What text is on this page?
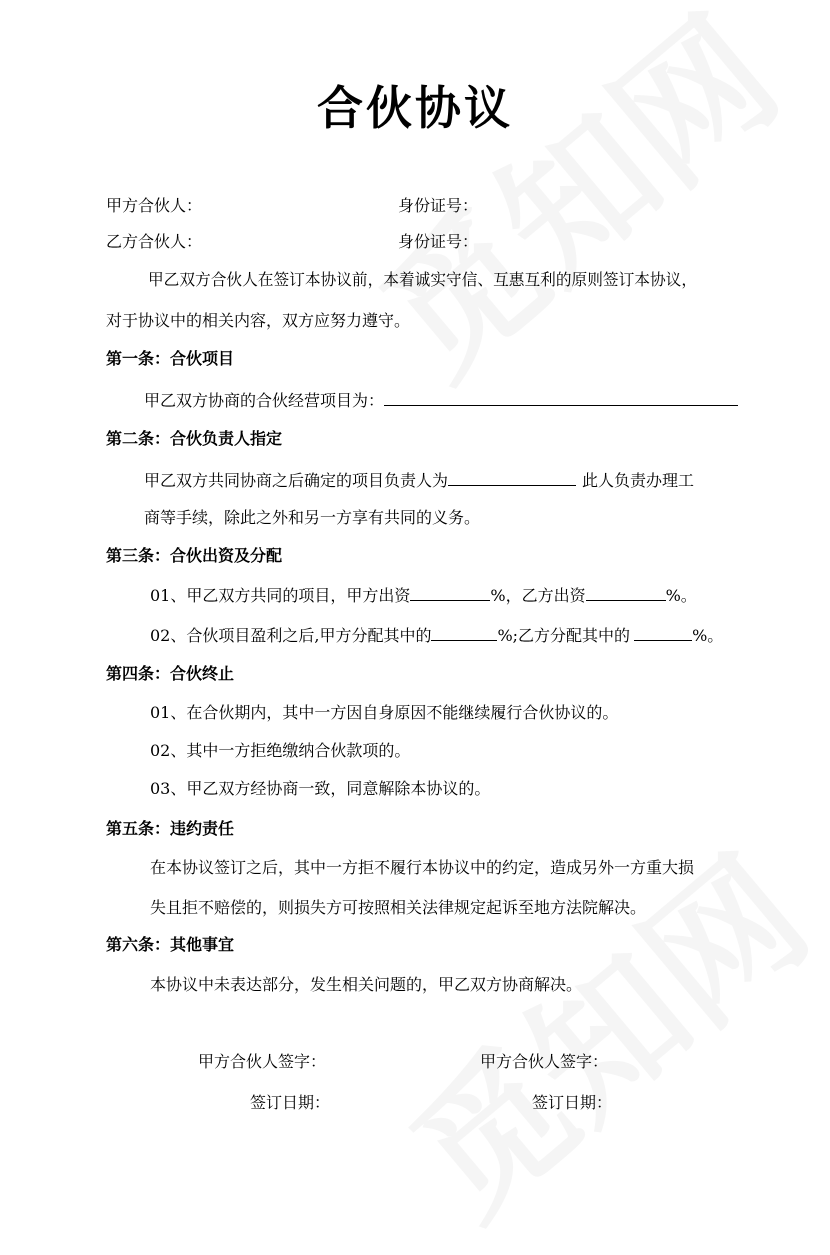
合伙协议
甲方合伙人：	身份证号：
乙方合伙人：	身份证号：
甲乙双方合伙人在签订本协议前，本着诚实守信、互惠互利的原则签订本协议，
对于协议中的相关内容，双方应努力遵守。
第一条：合伙项目
甲乙双方协商的合伙经营项目为：
第二条：合伙负责人指定
甲乙双方共同协商之后确定的项目负责人为	此人负责办理工
商等手续，除此之外和另一方享有共同的义务。
第三条：合伙出资及分配
01、甲乙双方共同的项目，甲方出资	%，乙方出资	%。
02、合伙项目盈利之后,甲方分配其中的	%;乙方分配其中的	%。
第四条：合伙终止
01、在合伙期内，其中一方因自身原因不能继续履行合伙协议的。
02、其中一方拒绝缴纳合伙款项的。
03、甲乙双方经协商一致，同意解除本协议的。
第五条：违约责任
在本协议签订之后，其中一方拒不履行本协议中的约定，造成另外一方重大损
失且拒不赔偿的，则损失方可按照相关法律规定起诉至地方法院解决。
第六条：其他事宜
本协议中未表达部分，发生相关问题的，甲乙双方协商解决。
甲方合伙人签字：	甲方合伙人签字：
签订日期：	签订日期：
